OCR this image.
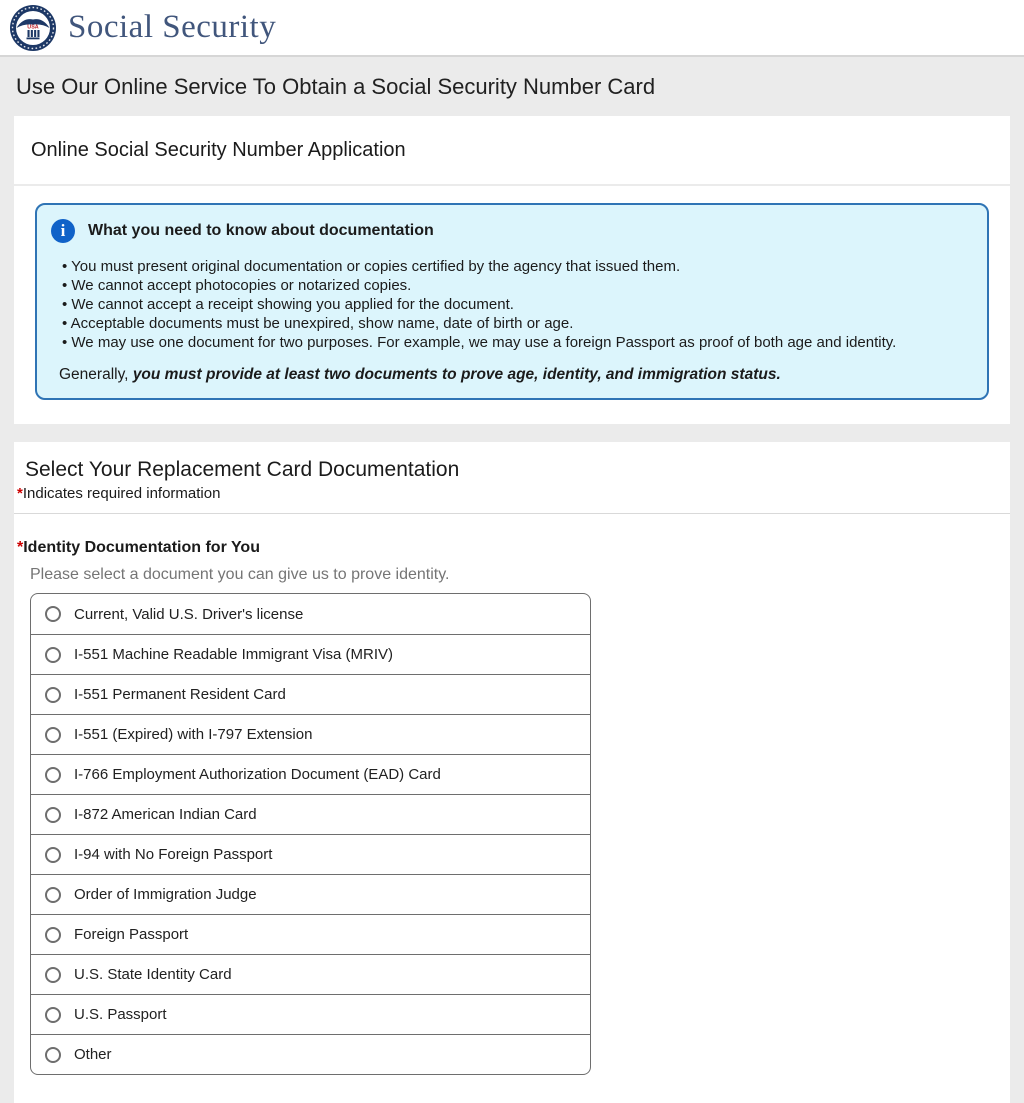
USA Social Security
Use Our Online Service To Obtain a Social Security Number Card
Online Social Security Number Application
i	What you need to know about documentation
• You must present original documentation or copies certified by the agency that issued them.
• We cannot accept photocopies or notarized copies.
• We cannot accept a receipt showing you applied for the document.
• Acceptable documents must be unexpired, show name, date of birth or age.
• We may use one document for two purposes. For example, we may use a foreign Passport as proof of both age and identity.

Generally, you must provide at least two documents to prove age, identity, and immigration status.

Select Your Replacement Card Documentation

*Indicates required information

*Identity Documentation for You

Please select a document you can give us to prove identity.

Current, Valid U.S. Driver's license
I-551 Machine Readable Immigrant Visa (MRIV)
I-551 Permanent Resident Card
I-551 (Expired) with I-797 Extension
I-766 Employment Authorization Document (EAD) Card
I-872 American Indian Card
I-94 with No Foreign Passport
Order of Immigration Judge
Foreign Passport
U.S. State Identity Card
U.S. Passport
Other
